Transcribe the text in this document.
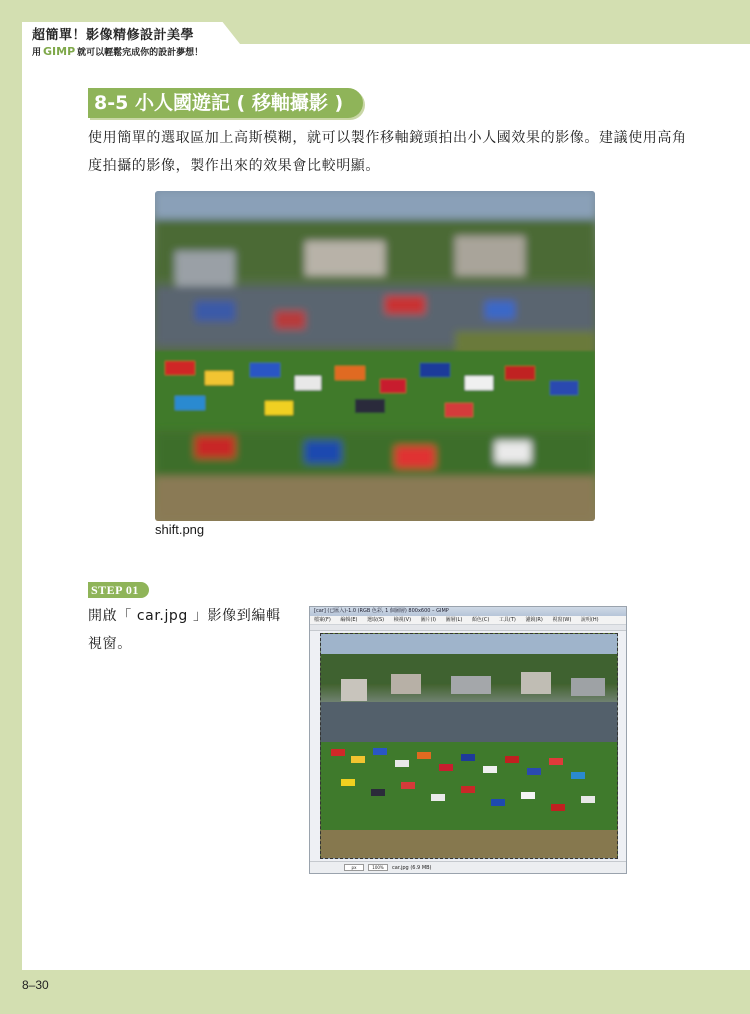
超簡單！影像精修設計美學
用 GIMP 就可以輕鬆完成你的設計夢想！
8-5 小人國遊記 ( 移軸攝影 )

使用簡單的選取區加上高斯模糊，就可以製作移軸鏡頭拍出小人國效果的影像。建議使用高角度拍攝的影像，製作出來的效果會比較明顯。

shift.png
STEP 01

開啟「 car.jpg 」影像到編輯視窗。

[car] (已匯入)-1.0 (RGB 色彩, 1 個圖層) 800x600 – GIMP
檔案(F) 編輯(E) 選取(S) 檢視(V) 圖片(I) 圖層(L) 顏色(C) 工具(T) 濾鏡(R) 視窗(W) 說明(H)
px	100% car.jpg (6.9 MB)
8–30
